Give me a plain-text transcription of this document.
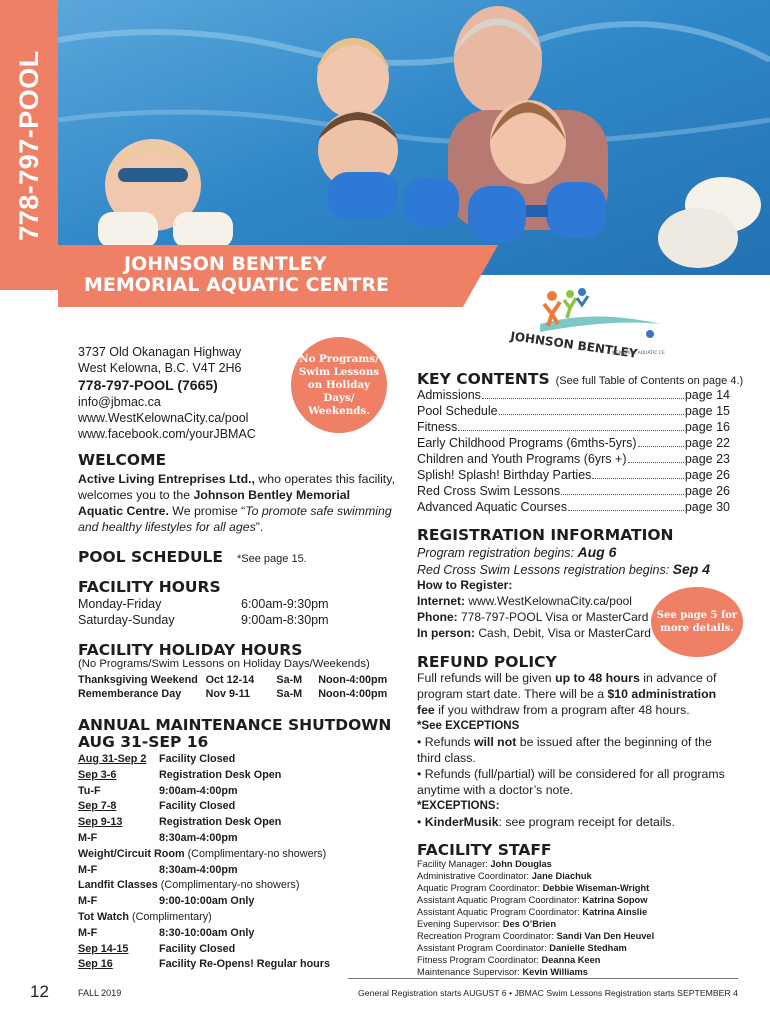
778-797-POOL
JOHNSON BENTLEY
MEMORIAL AQUATIC CENTRE
JOHNSON BENTLEY
MEMORIAL AQUATIC CE
3737 Old Okanagan Highway
West Kelowna, B.C. V4T 2H6
778-797-POOL (7665)
info@jbmac.ca
www.WestKelownaCity.ca/pool
www.facebook.com/yourJBMAC
No Programs/ Swim Lessons on Holiday Days/ Weekends.
WELCOME
Active Living Entreprises Ltd., who operates this facility, welcomes you to the Johnson Bentley Memorial Aquatic Centre. We promise “To promote safe swimming and healthy lifestyles for all ages”.
POOL SCHEDULE *See page 15.
FACILITY HOURS
Monday-Friday	6:00am-9:30pm
Saturday-Sunday	9:00am-8:30pm
FACILITY HOLIDAY HOURS
(No Programs/Swim Lessons on Holiday Days/Weekends)
Thanksgiving Weekend Oct 12-14	Sa-M	Noon-4:00pm
Rememberance Day	Nov 9-11	Sa-M	Noon-4:00pm
ANNUAL MAINTENANCE SHUTDOWN
AUG 31-SEP 16
Aug 31-Sep 2	Facility Closed
Sep 3-6	Registration Desk Open
Tu-F	9:00am-4:00pm
Sep 7-8	Facility Closed
Sep 9-13	Registration Desk Open
M-F	8:30am-4:00pm
Weight/Circuit Room (Complimentary-no showers)
M-F	8:30am-4:00pm
Landfit Classes (Complimentary-no showers)
M-F	9:00-10:00am Only
Tot Watch (Complimentary)
M-F	8:30-10:00am Only
Sep 14-15	Facility Closed
Sep 16	Facility Re-Opens! Regular hours
KEY CONTENTS (See full Table of Contents on page 4.)
Admissions	page 14
Pool Schedule	page 15
Fitness	page 16
Early Childhood Programs (6mths-5yrs)	page 22
Children and Youth Programs (6yrs +)	page 23
Splish! Splash! Birthday Parties	page 26
Red Cross Swim Lessons	page 26
Advanced Aquatic Courses	page 30
REGISTRATION INFORMATION
Program registration begins: Aug 6
Red Cross Swim Lessons registration begins: Sep 4
How to Register:
Internet: www.WestKelownaCity.ca/pool
Phone: 778-797-POOL Visa or MasterCard
In person: Cash, Debit, Visa or MasterCard
See page 5 for more details.
REFUND POLICY
Full refunds will be given up to 48 hours in advance of program start date. There will be a $10 administration fee if you withdraw from a program after 48 hours.
*See EXCEPTIONS
• Refunds will not be issued after the beginning of the third class.
• Refunds (full/partial) will be considered for all programs anytime with a doctor’s note.
*EXCEPTIONS:
• KinderMusik: see program receipt for details.
FACILITY STAFF
Facility Manager: John Douglas
Administrative Coordinator: Jane Diachuk
Aquatic Program Coordinator: Debbie Wiseman-Wright
Assistant Aquatic Program Coordinator: Katrina Sopow
Assistant Aquatic Program Coordinator: Katrina Ainslie
Evening Supervisor: Des O’Brien
Recreation Program Coordinator: Sandi Van Den Heuvel
Assistant Program Coordinator: Danielle Stedham
Fitness Program Coordinator: Deanna Keen
Maintenance Supervisor: Kevin Williams
12	FALL 2019	General Registration starts AUGUST 6 • JBMAC Swim Lessons Registration starts SEPTEMBER 4
